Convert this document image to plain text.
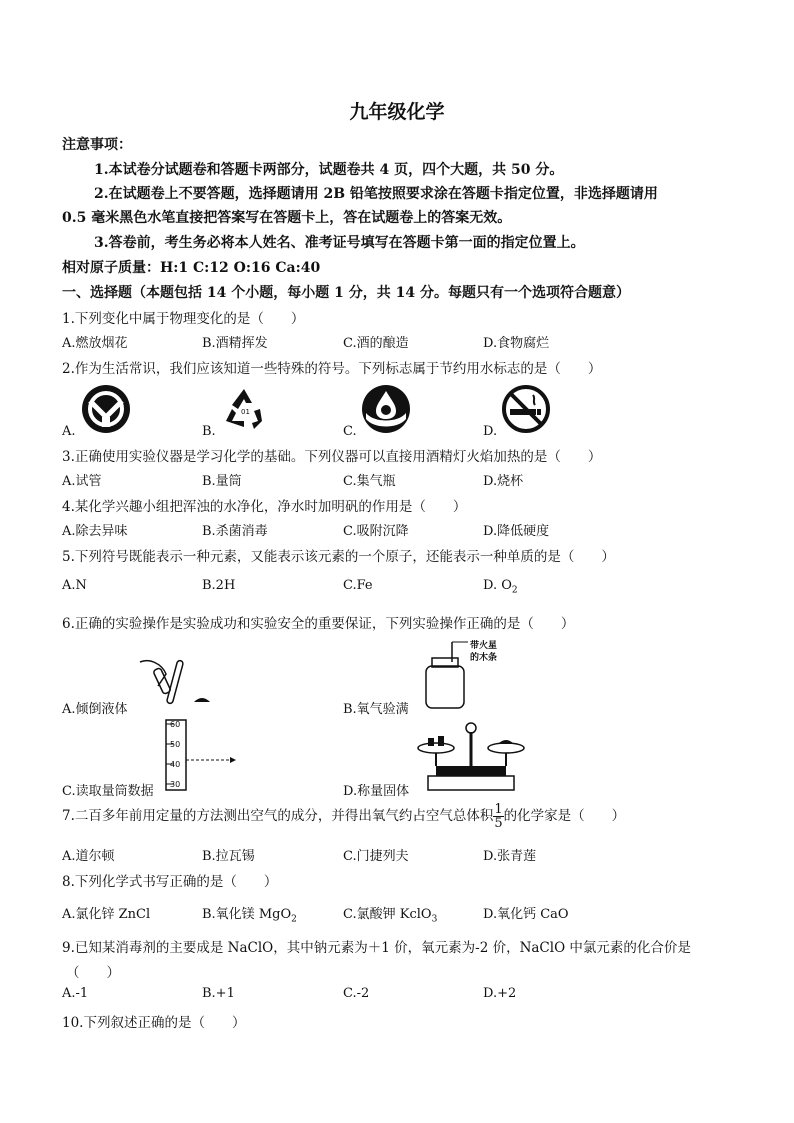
九年级化学
注意事项：
1.本试卷分试题卷和答题卡两部分，试题卷共 4 页，四个大题，共 50 分。
2.在试题卷上不要答题，选择题请用 2B 铅笔按照要求涂在答题卡指定位置，非选择题请用
0.5 毫米黑色水笔直接把答案写在答题卡上，答在试题卷上的答案无效。
3.答卷前，考生务必将本人姓名、准考证号填写在答题卡第一面的指定位置上。
相对原子质量：H:1 C:12 O:16 Ca:40
一、选择题（本题包括 14 个小题，每小题 1 分，共 14 分。每题只有一个选项符合题意）
1.下列变化中属于物理变化的是（　　）
A.燃放烟花	B.酒精挥发	C.酒的酿造	D.食物腐烂
2.作为生活常识，我们应该知道一些特殊的符号。下列标志属于节约用水标志的是（　　）
A.	B.	C.	D.
01
3.正确使用实验仪器是学习化学的基础。下列仪器可以直接用酒精灯火焰加热的是（　　）
A.试管	B.量筒	C.集气瓶	D.烧杯
4.某化学兴趣小组把浑浊的水净化，净水时加明矾的作用是（　　）
A.除去异味	B.杀菌消毒	C.吸附沉降	D.降低硬度
5.下列符号既能表示一种元素，又能表示该元素的一个原子，还能表示一种单质的是（　　）
A.N	B.2H	C.Fe	D. $O_2$
6.正确的实验操作是实验成功和实验安全的重要保证，下列实验操作正确的是（　　）
A.倾倒液体
带火星
的木条
B.氧气验满
60
50
40
30
C.读取量筒数据	D.称量固体
7.二百多年前用定量的方法测出空气的成分，并得出氧气约占空气总体积 $\frac{1}{5}$ 的化学家是（　　）
A.道尔顿	B.拉瓦锡	C.门捷列夫	D.张青莲
8.下列化学式书写正确的是（　　）
A.氯化锌 ZnCl	B.氧化镁 MgO$_2$	C.氯酸钾 KclO$_3$	D.氧化钙 CaO
9.已知某消毒剂的主要成是 NaClO，其中钠元素为＋1 价，氧元素为-2 价，NaClO 中氯元素的化合价是
（　　）
A.-1	B.+1	C.-2	D.+2
10.下列叙述正确的是（　　）
